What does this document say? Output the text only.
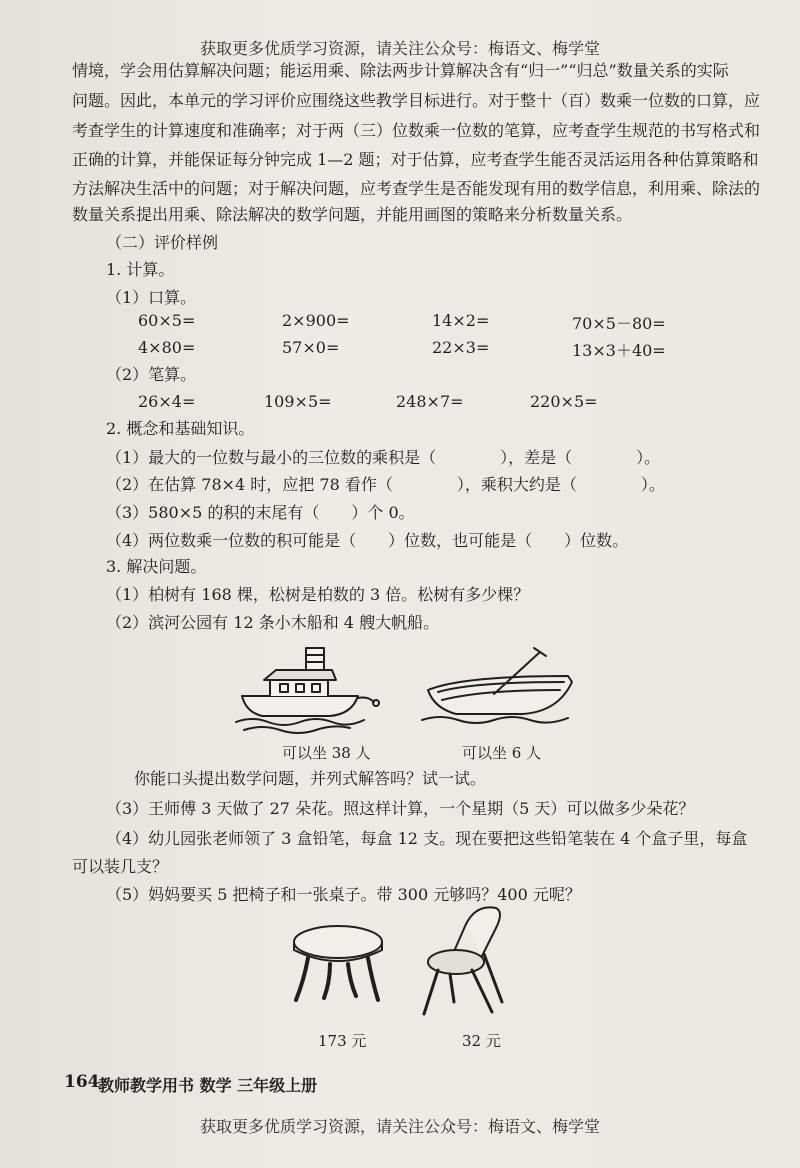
获取更多优质学习资源，请关注公众号：梅语文、梅学堂
情境，学会用估算解决问题；能运用乘、除法两步计算解决含有“归一”“归总”数量关系的实际
问题。因此，本单元的学习评价应围绕这些教学目标进行。对于整十（百）数乘一位数的口算，应
考查学生的计算速度和准确率；对于两（三）位数乘一位数的笔算，应考查学生规范的书写格式和
正确的计算，并能保证每分钟完成 1—2 题；对于估算，应考查学生能否灵活运用各种估算策略和
方法解决生活中的问题；对于解决问题，应考查学生是否能发现有用的数学信息，利用乘、除法的
数量关系提出用乘、除法解决的数学问题，并能用画图的策略来分析数量关系。
（二）评价样例
1. 计算。
（1）口算。
60×5=	2×900=	14×2=	70×5－80=
4×80=	57×0=	22×3=	13×3＋40=
（2）笔算。
26×4=	109×5=	248×7=	220×5=
2. 概念和基础知识。
（1）最大的一位数与最小的三位数的乘积是（　　　　），差是（　　　　）。
（2）在估算 78×4 时，应把 78 看作（　　　　），乘积大约是（　　　　）。
（3）580×5 的积的末尾有（　　）个 0。
（4）两位数乘一位数的积可能是（　　）位数，也可能是（　　）位数。
3. 解决问题。
（1）柏树有 168 棵，松树是柏数的 3 倍。松树有多少棵？
（2）滨河公园有 12 条小木船和 4 艘大帆船。
可以坐 38 人	可以坐 6 人
你能口头提出数学问题，并列式解答吗？试一试。
（3）王师傅 3 天做了 27 朵花。照这样计算，一个星期（5 天）可以做多少朵花？
（4）幼儿园张老师领了 3 盒铅笔，每盒 12 支。现在要把这些铅笔装在 4 个盒子里，每盒
可以装几支？
（5）妈妈要买 5 把椅子和一张桌子。带 300 元够吗？400 元呢？
173 元	32 元
164
教师教学用书 数学 三年级上册
获取更多优质学习资源，请关注公众号：梅语文、梅学堂
